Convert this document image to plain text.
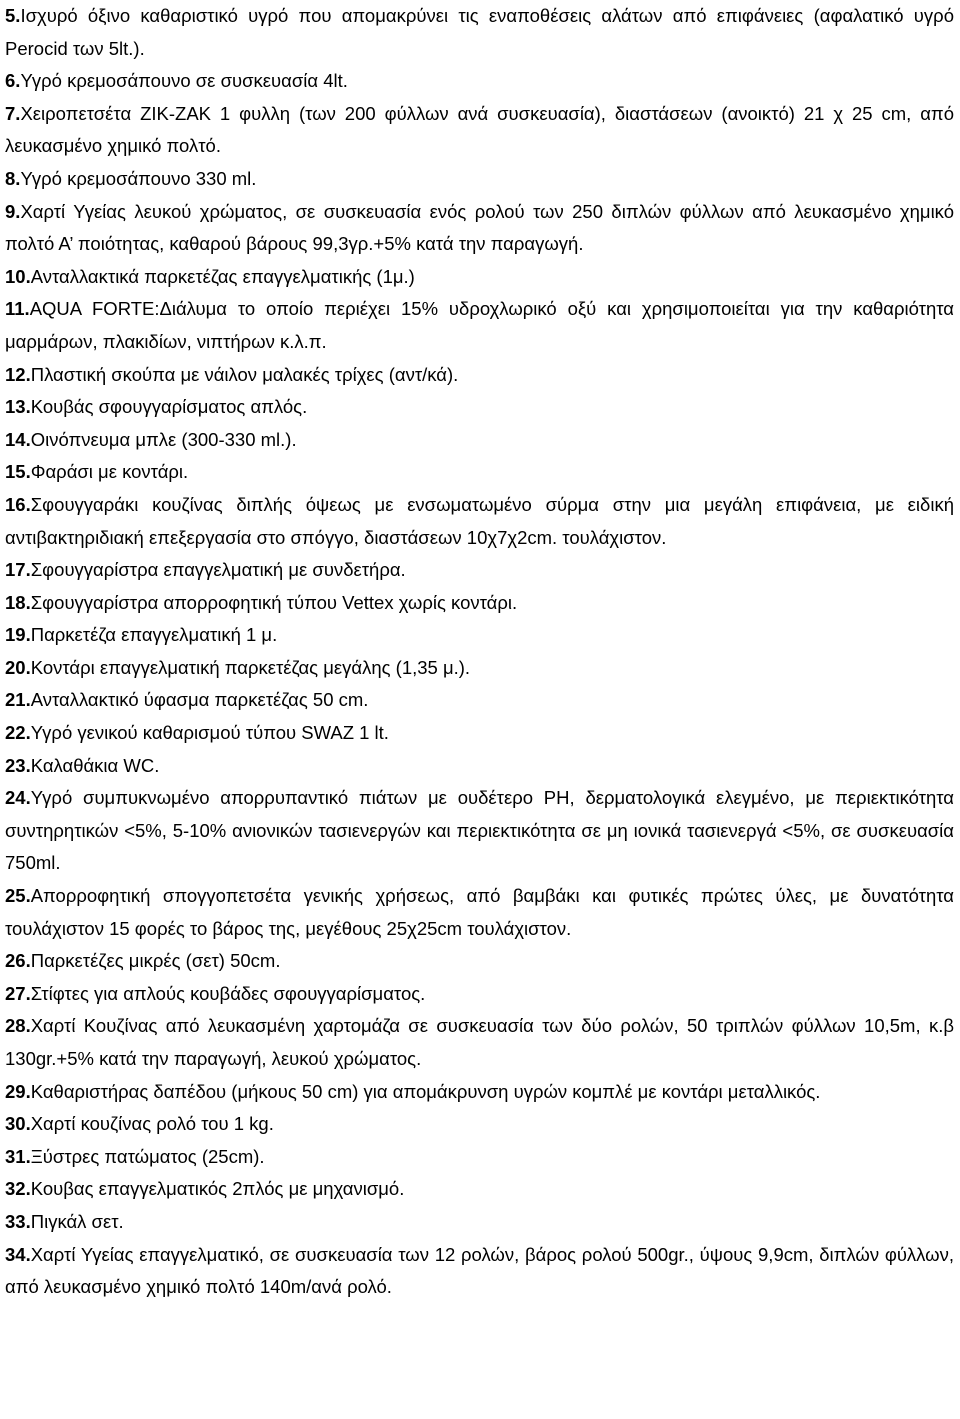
5.Ισχυρό όξινο καθαριστικό υγρό που απομακρύνει τις εναποθέσεις αλάτων από επιφάνειες (αφαλατικό υγρό Perocid των 5lt.).

6.Υγρό κρεμοσάπουνο σε συσκευασία 4lt.

7.Χειροπετσέτα ΖΙΚ-ΖΑΚ 1 φυλλη (των 200 φύλλων ανά συσκευασία), διαστάσεων (ανοικτό) 21 χ 25 cm, από λευκασμένο χημικό πολτό.

8.Υγρό κρεμοσάπουνο 330 ml.

9.Χαρτί Υγείας λευκού χρώματος, σε συσκευασία ενός ρολού των 250 διπλών φύλλων από λευκασμένο χημικό πολτό Α’ ποιότητας, καθαρού βάρους 99,3γρ.+5% κατά την παραγωγή.

10.Ανταλλακτικά παρκετέζας επαγγελματικής (1μ.)

11.AQUA FORTE:Διάλυμα το οποίο περιέχει 15% υδροχλωρικό οξύ και χρησιμοποιείται για την καθαριότητα μαρμάρων, πλακιδίων, νιπτήρων κ.λ.π.

12.Πλαστική σκούπα με νάιλον μαλακές τρίχες (αντ/κά).

13.Κουβάς σφουγγαρίσματος απλός.

14.Οινόπνευμα μπλε (300-330 ml.).

15.Φαράσι με κοντάρι.

16.Σφουγγαράκι κουζίνας διπλής όψεως με ενσωματωμένο σύρμα στην μια μεγάλη επιφάνεια, με ειδική αντιβακτηριδιακή επεξεργασία στο σπόγγο, διαστάσεων 10χ7χ2cm. τουλάχιστον.

17.Σφουγγαρίστρα επαγγελματική με συνδετήρα.

18.Σφουγγαρίστρα απορροφητική τύπου Vettex χωρίς κοντάρι.

19.Παρκετέζα επαγγελματική 1 μ.

20.Κοντάρι επαγγελματική παρκετέζας μεγάλης (1,35 μ.).

21.Ανταλλακτικό ύφασμα παρκετέζας 50 cm.

22.Υγρό γενικού καθαρισμού τύπου SWAZ 1 lt.

23.Καλαθάκια WC.

24.Υγρό συμπυκνωμένο απορρυπαντικό πιάτων με ουδέτερο PH, δερματολογικά ελεγμένο, με περιεκτικότητα συντηρητικών <5%, 5-10% ανιονικών τασιενεργών και περιεκτικότητα σε μη ιονικά τασιενεργά <5%, σε συσκευασία 750ml.

25.Απορροφητική σπογγοπετσέτα γενικής χρήσεως, από βαμβάκι και φυτικές πρώτες ύλες, με δυνατότητα τουλάχιστον 15 φορές το βάρος της, μεγέθους 25χ25cm τουλάχιστον.

26.Παρκετέζες μικρές (σετ) 50cm.

27.Στίφτες για απλούς κουβάδες σφουγγαρίσματος.

28.Χαρτί Κουζίνας από λευκασμένη χαρτομάζα σε συσκευασία των δύο ρολών, 50 τριπλών φύλλων 10,5m, κ.β 130gr.+5% κατά την παραγωγή, λευκού χρώματος.

29.Καθαριστήρας δαπέδου (μήκους 50 cm) για απομάκρυνση υγρών κομπλέ με κοντάρι μεταλλικός.

30.Χαρτί κουζίνας ρολό του 1 kg.

31.Ξύστρες πατώματος (25cm).

32.Κουβας επαγγελματικός 2πλός με μηχανισμό.

33.Πιγκάλ σετ.

34.Χαρτί Υγείας επαγγελματικό, σε συσκευασία των 12 ρολών, βάρος ρολού 500gr., ύψους 9,9cm, διπλών φύλλων, από λευκασμένο χημικό πολτό 140m/ανά ρολό.
